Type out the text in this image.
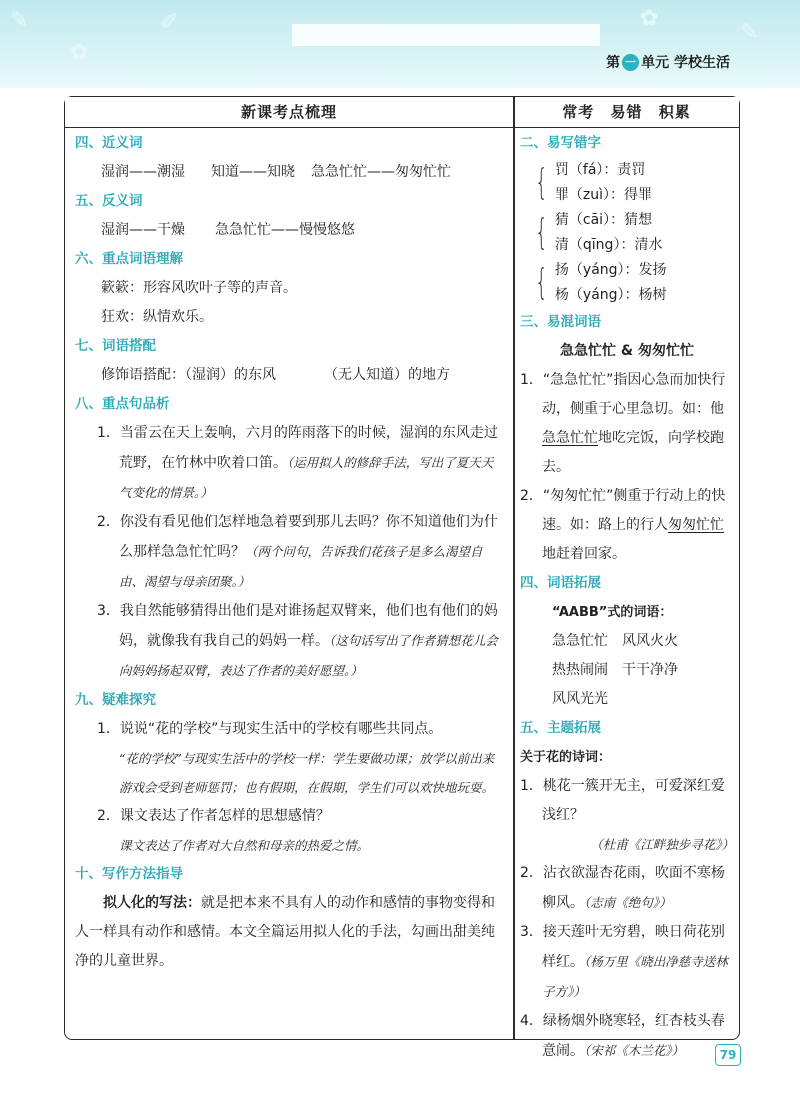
✎
✿
✐	✿
✎
第 一 单元 学校生活
新课考点梳理	常考 易错 积累
四、近义词
湿润——潮湿 知道——知晓 急急忙忙——匆匆忙忙
五、反义词
湿润——干燥 急急忙忙——慢慢悠悠
六、重点词语理解
簌簌：形容风吹叶子等的声音。
狂欢：纵情欢乐。
七、词语搭配
修饰语搭配：（湿润）的东风	（无人知道）的地方
八、重点句品析
1．当雷云在天上轰响，六月的阵雨落下的时候，湿润的东风走过荒野，在竹林中吹着口笛。（运用拟人的修辞手法，写出了夏天天气变化的情景。）
2．你没有看见他们怎样地急着要到那儿去吗？你不知道他们为什么那样急急忙忙吗？（两个问句，告诉我们花孩子是多么渴望自由、渴望与母亲团聚。）
3．我自然能够猜得出他们是对谁扬起双臂来，他们也有他们的妈妈，就像我有我自己的妈妈一样。（这句话写出了作者猜想花儿会向妈妈扬起双臂，表达了作者的美好愿望。）
九、疑难探究
1．说说“花的学校”与现实生活中的学校有哪些共同点。
“花的学校”与现实生活中的学校一样：学生要做功课；放学以前出来游戏会受到老师惩罚；也有假期，在假期，学生们可以欢快地玩耍。
2．课文表达了作者怎样的思想感情？
课文表达了作者对大自然和母亲的热爱之情。
十、写作方法指导
拟人化的写法：就是把本来不具有人的动作和感情的事物变得和人一样具有动作和感情。本文全篇运用拟人化的手法，勾画出甜美纯净的儿童世界。
二、易写错字
{ 罚（fá）：责罚
罪（zuì）：得罪
{ 猜（cāi）：猜想
清（qīng）：清水
{ 扬（yáng）：发扬
杨（yáng）：杨树
三、易混词语
急急忙忙 & 匆匆忙忙
1．“急急忙忙”指因心急而加快行动，侧重于心里急切。如：他急急忙忙地吃完饭，向学校跑去。
2．“匆匆忙忙”侧重于行动上的快速。如：路上的行人匆匆忙忙地赶着回家。
四、词语拓展
“AABB”式的词语：
急急忙忙 风风火火
热热闹闹 干干净净
风风光光
五、主题拓展
关于花的诗词：
1．桃花一簇开无主，可爱深红爱浅红？
（杜甫《江畔独步寻花》）
2．沾衣欲湿杏花雨，吹面不寒杨柳风。（志南《绝句》）
3．接天莲叶无穷碧，映日荷花别样红。（杨万里《晓出净慈寺送林子方》）
4．绿杨烟外晓寒轻，红杏枝头春意闹。（宋祁《木兰花》）	79
